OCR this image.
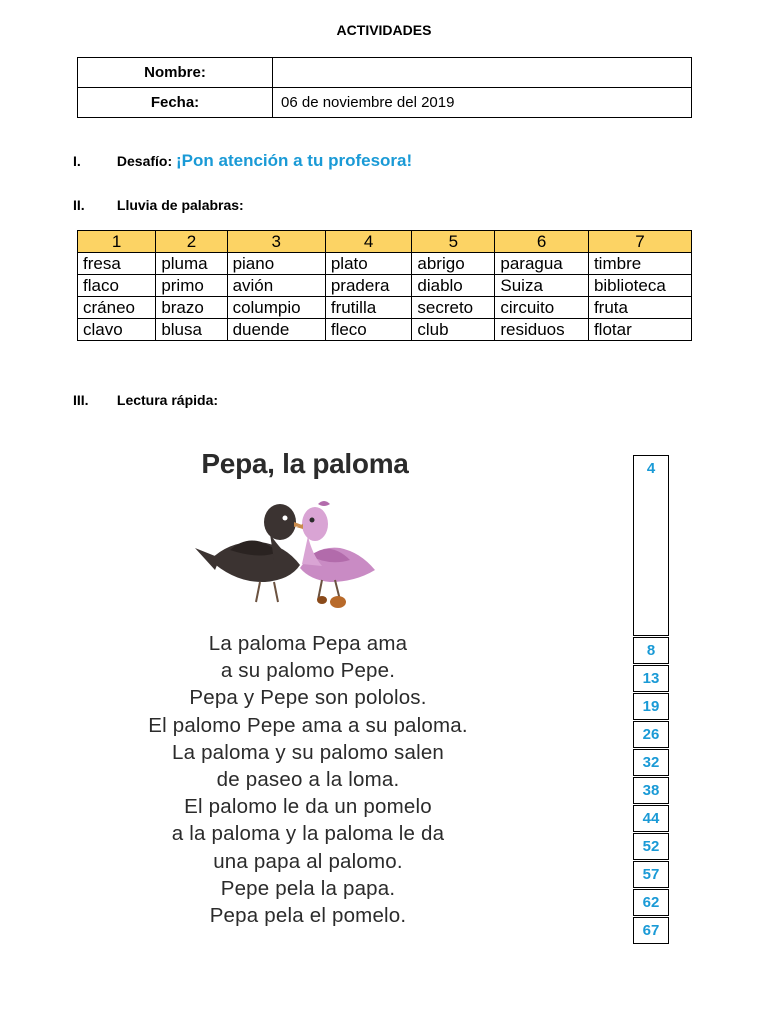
ACTIVIDADES
Nombre:	
Fecha:	06 de noviembre del 2019
I.	Desafío: ¡Pon atención a tu profesora!
II. Lluvia de palabras:
1	2	3	4	5	6	7
fresa	pluma	piano	plato	abrigo	paragua	timbre
flaco	primo	avión	pradera	diablo	Suiza	biblioteca
cráneo	brazo	columpio	frutilla	secreto	circuito	fruta
clavo	blusa	duende	fleco	club	residuos	flotar
III. Lectura rápida:
Pepa, la paloma
La paloma Pepa ama
a su palomo Pepe.
Pepa y Pepe son pololos.
El palomo Pepe ama a su paloma.
La paloma y su palomo salen
de paseo a la loma.
El palomo le da un pomelo
a la paloma y la paloma le da
una papa al palomo.
Pepe pela la papa.
Pepa pela el pomelo.
4
8
13
19
26
32
38
44
52
57
62
67
